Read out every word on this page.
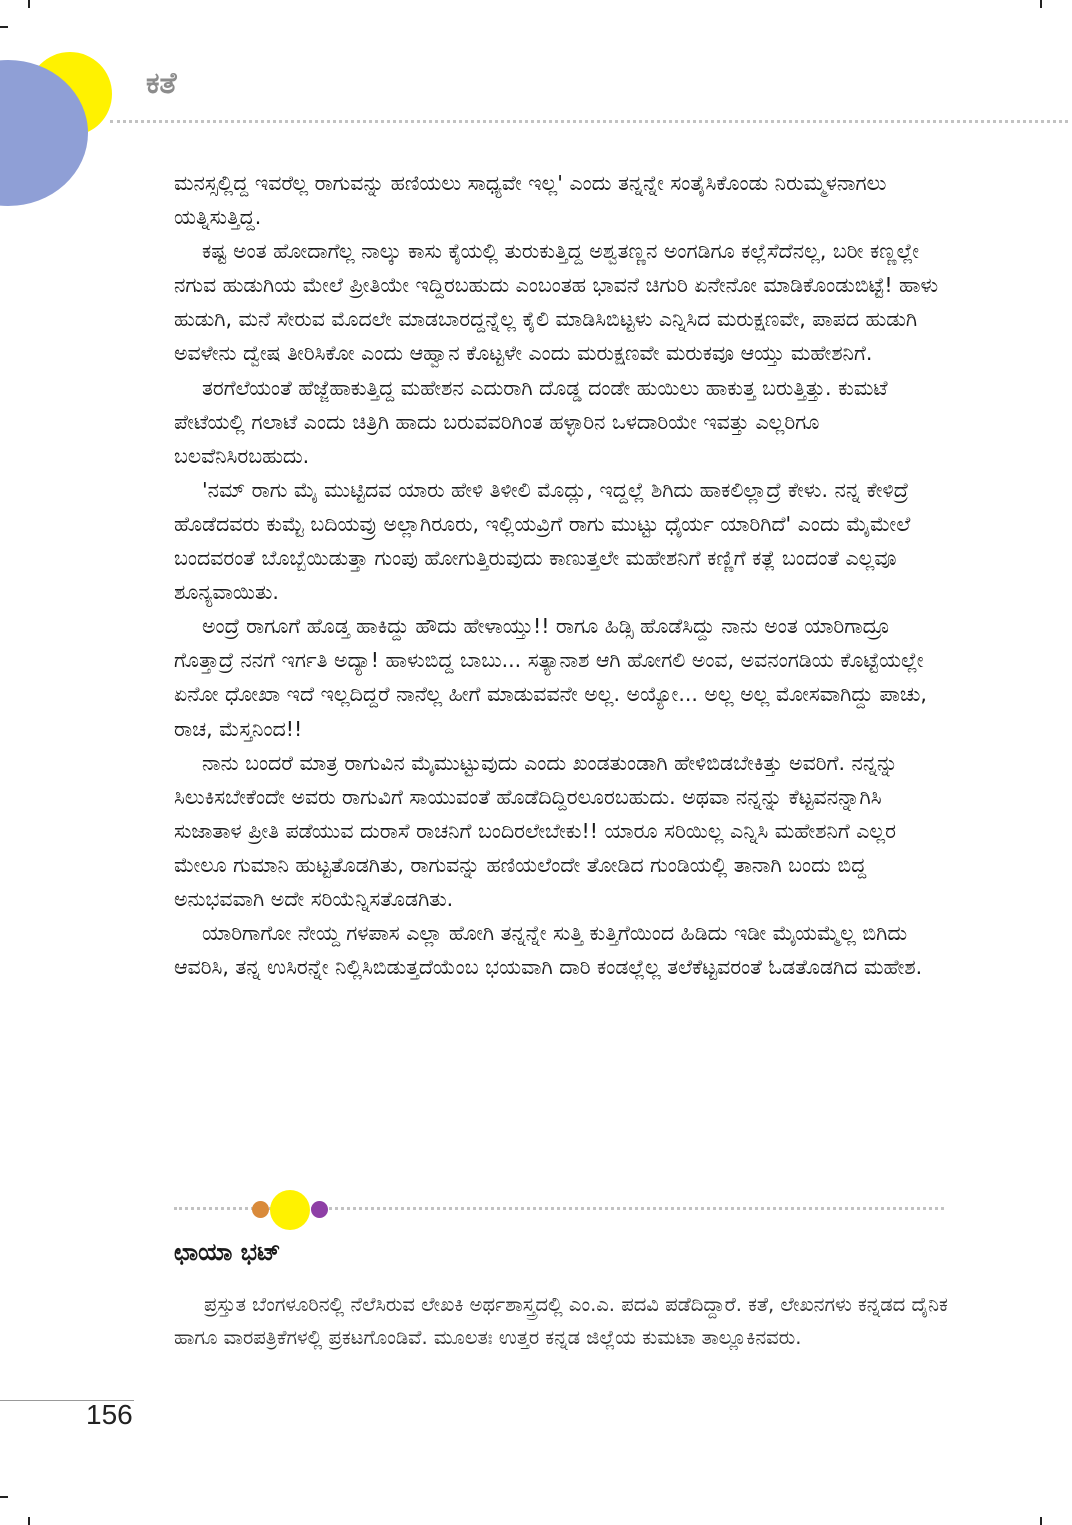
ಕತೆ

ಮನಸ್ಸಲ್ಲಿದ್ದ ಇವರೆಲ್ಲ ರಾಗುವನ್ನು ಹಣಿಯಲು ಸಾಧ್ಯವೇ ಇಲ್ಲ' ಎಂದು ತನ್ನನ್ನೇ ಸಂತೈಸಿಕೊಂಡು ನಿರುಮ್ಮಳನಾಗಲು ಯತ್ನಿಸುತ್ತಿದ್ದ.

ಕಷ್ಟ ಅಂತ ಹೋದಾಗೆಲ್ಲ ನಾಲ್ಕು ಕಾಸು ಕೈಯಲ್ಲಿ ತುರುಕುತ್ತಿದ್ದ ಅಶ್ವತಣ್ಣನ ಅಂಗಡಿಗೂ ಕಲ್ಲೆಸೆದೆನಲ್ಲ, ಬರೀ ಕಣ್ಣಲ್ಲೇ ನಗುವ ಹುಡುಗಿಯ ಮೇಲೆ ಪ್ರೀತಿಯೇ ಇದ್ದಿರಬಹುದು ಎಂಬಂತಹ ಭಾವನೆ ಚಿಗುರಿ ಏನೇನೋ ಮಾಡಿಕೊಂಡುಬಿಟ್ಟೆ! ಹಾಳು ಹುಡುಗಿ, ಮನೆ ಸೇರುವ ಮೊದಲೇ ಮಾಡಬಾರದ್ದನ್ನೆಲ್ಲ ಕೈಲಿ ಮಾಡಿಸಿಬಿಟ್ಟಳು ಎನ್ನಿಸಿದ ಮರುಕ್ಷಣವೇ, ಪಾಪದ ಹುಡುಗಿ ಅವಳೇನು ದ್ವೇಷ ತೀರಿಸಿಕೋ ಎಂದು ಆಹ್ವಾನ ಕೊಟ್ಟಳೇ ಎಂದು ಮರುಕ್ಷಣವೇ ಮರುಕವೂ ಆಯ್ತು ಮಹೇಶನಿಗೆ.

ತರಗೆಲೆಯಂತೆ ಹೆಜ್ಜೆಹಾಕುತ್ತಿದ್ದ ಮಹೇಶನ ಎದುರಾಗಿ ದೊಡ್ಡ ದಂಡೇ ಹುಯಿಲು ಹಾಕುತ್ತ ಬರುತ್ತಿತ್ತು. ಕುಮಟೆ ಪೇಟೆಯಲ್ಲಿ ಗಲಾಟೆ ಎಂದು ಚಿತ್ರಿಗಿ ಹಾದು ಬರುವವರಿಗಿಂತ ಹಳ್ಳಾರಿನ ಒಳದಾರಿಯೇ ಇವತ್ತು ಎಲ್ಲರಿಗೂ ಬಲವೆನಿಸಿರಬಹುದು.

'ನಮ್ ರಾಗು ಮೈ ಮುಟ್ಟಿದವ ಯಾರು ಹೇಳಿ ತಿಳೀಲಿ ಮೊದ್ಲು, ಇದ್ದಲ್ಲೆ ಶಿಗಿದು ಹಾಕಲಿಲ್ಲಾದ್ರೆ ಕೇಳು. ನನ್ನ ಕೇಳಿದ್ರೆ ಹೊಡೆದವರು ಕುಮ್ಟೆ ಬದಿಯವ್ರು ಅಲ್ಲಾಗಿರೂರು, ಇಲ್ಲಿಯವ್ರಿಗೆ ರಾಗು ಮುಟ್ಟು ಧೈರ್ಯ ಯಾರಿಗಿದೆ' ಎಂದು ಮೈಮೇಲೆ ಬಂದವರಂತೆ ಬೊಬ್ಬೆಯಿಡುತ್ತಾ ಗುಂಪು ಹೋಗುತ್ತಿರುವುದು ಕಾಣುತ್ತಲೇ ಮಹೇಶನಿಗೆ ಕಣ್ಣಿಗೆ ಕತ್ಲೆ ಬಂದಂತೆ ಎಲ್ಲವೂ ಶೂನ್ಯವಾಯಿತು.

ಅಂದ್ರೆ ರಾಗೂಗೆ ಹೊಡ್ತ ಹಾಕಿದ್ದು ಹೌದು ಹೇಳಾಯ್ತು!! ರಾಗೂ ಹಿಡ್ಸಿ ಹೊಡೆಸಿದ್ದು ನಾನು ಅಂತ ಯಾರಿಗಾದ್ರೂ ಗೊತ್ತಾದ್ರೆ ನನಗೆ ಇರ್ಗತಿ ಅದ್ಯಾ! ಹಾಳುಬಿದ್ದ ಬಾಬು... ಸತ್ಯಾನಾಶ ಆಗಿ ಹೋಗಲಿ ಅಂವ, ಅವನಂಗಡಿಯ ಕೊಟ್ಟೆಯಲ್ಲೇ ಏನೋ ಧೋಖಾ ಇದೆ ಇಲ್ಲದಿದ್ದರೆ ನಾನೆಲ್ಲ ಹೀಗೆ ಮಾಡುವವನೇ ಅಲ್ಲ. ಅಯ್ಯೋ... ಅಲ್ಲ ಅಲ್ಲ ಮೋಸವಾಗಿದ್ದು ಪಾಚು, ರಾಚ, ಮೆಸ್ತನಿಂದ!!

ನಾನು ಬಂದರೆ ಮಾತ್ರ ರಾಗುವಿನ ಮೈಮುಟ್ಟುವುದು ಎಂದು ಖಂಡತುಂಡಾಗಿ ಹೇಳಿಬಿಡಬೇಕಿತ್ತು ಅವರಿಗೆ. ನನ್ನನ್ನು ಸಿಲುಕಿಸಬೇಕೆಂದೇ ಅವರು ರಾಗುವಿಗೆ ಸಾಯುವಂತೆ ಹೊಡೆದಿದ್ದಿರಲೂರಬಹುದು. ಅಥವಾ ನನ್ನನ್ನು ಕೆಟ್ಟವನನ್ನಾಗಿಸಿ ಸುಜಾತಾಳ ಪ್ರೀತಿ ಪಡೆಯುವ ದುರಾಸೆ ರಾಚನಿಗೆ ಬಂದಿರಲೇಬೇಕು!! ಯಾರೂ ಸರಿಯಿಲ್ಲ ಎನ್ನಿಸಿ ಮಹೇಶನಿಗೆ ಎಲ್ಲರ ಮೇಲೂ ಗುಮಾನಿ ಹುಟ್ಟತೊಡಗಿತು, ರಾಗುವನ್ನು ಹಣಿಯಲೆಂದೇ ತೋಡಿದ ಗುಂಡಿಯಲ್ಲಿ ತಾನಾಗಿ ಬಂದು ಬಿದ್ದ ಅನುಭವವಾಗಿ ಅದೇ ಸರಿಯೆನ್ನಿಸತೊಡಗಿತು.

ಯಾರಿಗಾಗೋ ನೇಯ್ದ ಗಳಪಾಸ ಎಲ್ಲಾ ಹೋಗಿ ತನ್ನನ್ನೇ ಸುತ್ತಿ ಕುತ್ತಿಗೆಯಿಂದ ಹಿಡಿದು ಇಡೀ ಮೈಯಮ್ಮೆಲ್ಲ ಬಿಗಿದು ಆವರಿಸಿ, ತನ್ನ ಉಸಿರನ್ನೇ ನಿಲ್ಲಿಸಿಬಿಡುತ್ತದೆಯೆಂಬ ಭಯವಾಗಿ ದಾರಿ ಕಂಡಲ್ಲೆಲ್ಲ ತಲೆಕೆಟ್ಟವರಂತೆ ಓಡತೊಡಗಿದ ಮಹೇಶ.

ಛಾಯಾ ಭಟ್

ಪ್ರಸ್ತುತ ಬೆಂಗಳೂರಿನಲ್ಲಿ ನೆಲೆಸಿರುವ ಲೇಖಕಿ ಅರ್ಥಶಾಸ್ತ್ರದಲ್ಲಿ ಎಂ.ಎ. ಪದವಿ ಪಡೆದಿದ್ದಾರೆ. ಕತೆ, ಲೇಖನಗಳು ಕನ್ನಡದ ದೈನಿಕ ಹಾಗೂ ವಾರಪತ್ರಿಕೆಗಳಲ್ಲಿ ಪ್ರಕಟಗೊಂಡಿವೆ. ಮೂಲತಃ ಉತ್ತರ ಕನ್ನಡ ಜಿಲ್ಲೆಯ ಕುಮಟಾ ತಾಲ್ಲೂಕಿನವರು.

156
